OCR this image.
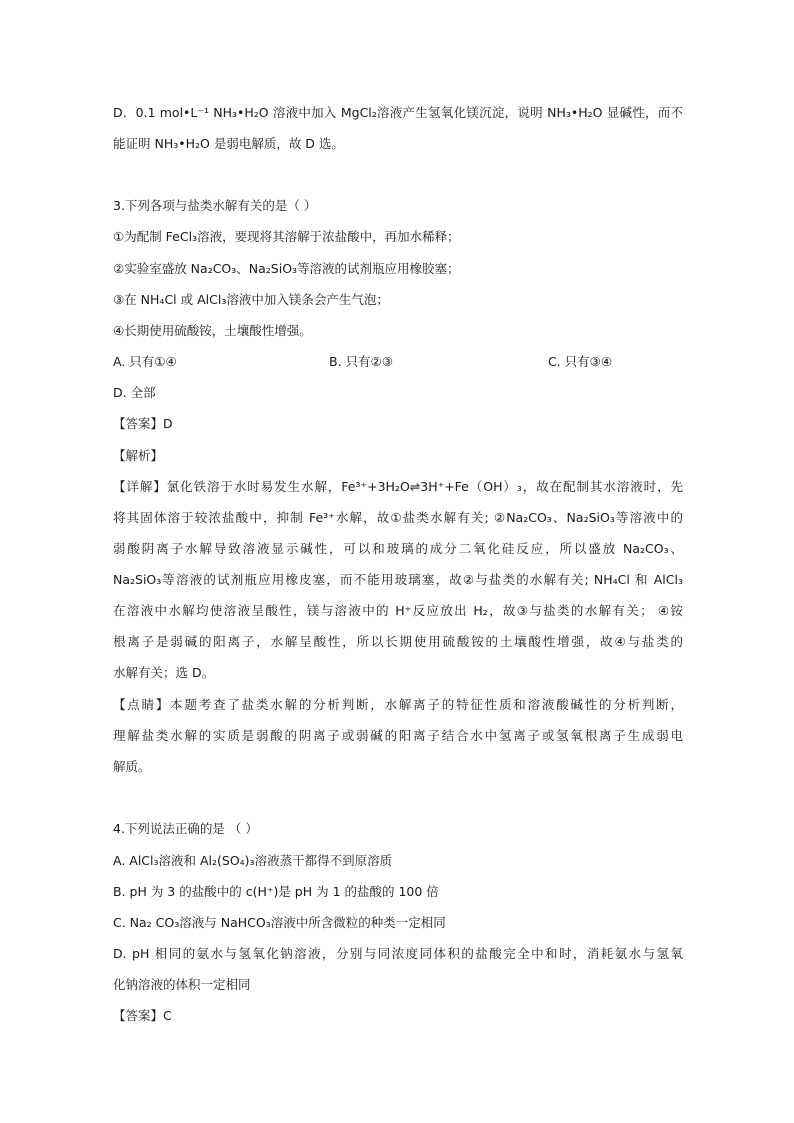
D．0.1 mol•L⁻¹ NH₃•H₂O 溶液中加入 MgCl₂溶液产生氢氧化镁沉淀，说明 NH₃•H₂O 显碱性，而不
能证明 NH₃•H₂O 是弱电解质，故 D 选。
3.下列各项与盐类水解有关的是（ ）
①为配制 FeCl₃溶液，要现将其溶解于浓盐酸中，再加水稀释；
②实验室盛放 Na₂CO₃、Na₂SiO₃等溶液的试剂瓶应用橡胶塞；
③在 NH₄Cl 或 AlCl₃溶液中加入镁条会产生气泡；
④长期使用硫酸铵，土壤酸性增强。
A. 只有①④	B. 只有②③	C. 只有③④
D. 全部
【答案】D
【解析】
【详解】氯化铁溶于水时易发生水解，Fe³⁺+3H₂O⇌3H⁺+Fe（OH）₃，故在配制其水溶液时，先
将其固体溶于较浓盐酸中，抑制 Fe³⁺水解，故①盐类水解有关; ②Na₂CO₃、Na₂SiO₃等溶液中的
弱酸阴离子水解导致溶液显示碱性，可以和玻璃的成分二氧化硅反应，所以盛放 Na₂CO₃、
Na₂SiO₃等溶液的试剂瓶应用橡皮塞，而不能用玻璃塞，故②与盐类的水解有关; NH₄Cl 和 AlCl₃
在溶液中水解均使溶液呈酸性，镁与溶液中的 H⁺反应放出 H₂，故③与盐类的水解有关； ④铵
根离子是弱碱的阳离子，水解呈酸性，所以长期使用硫酸铵的土壤酸性增强，故④与盐类的
水解有关；选 D。
【点睛】本题考查了盐类水解的分析判断，水解离子的特征性质和溶液酸碱性的分析判断，
理解盐类水解的实质是弱酸的阴离子或弱碱的阳离子结合水中氢离子或氢氧根离子生成弱电
解质。
4.下列说法正确的是 （ ）
A. AlCl₃溶液和 Al₂(SO₄)₃溶液蒸干都得不到原溶质
B. pH 为 3 的盐酸中的 c(H⁺)是 pH 为 1 的盐酸的 100 倍
C. Na₂ CO₃溶液与 NaHCO₃溶液中所含微粒的种类一定相同
D. pH 相同的氨水与氢氧化钠溶液，分别与同浓度同体积的盐酸完全中和时，消耗氨水与氢氧
化钠溶液的体积一定相同
【答案】C
